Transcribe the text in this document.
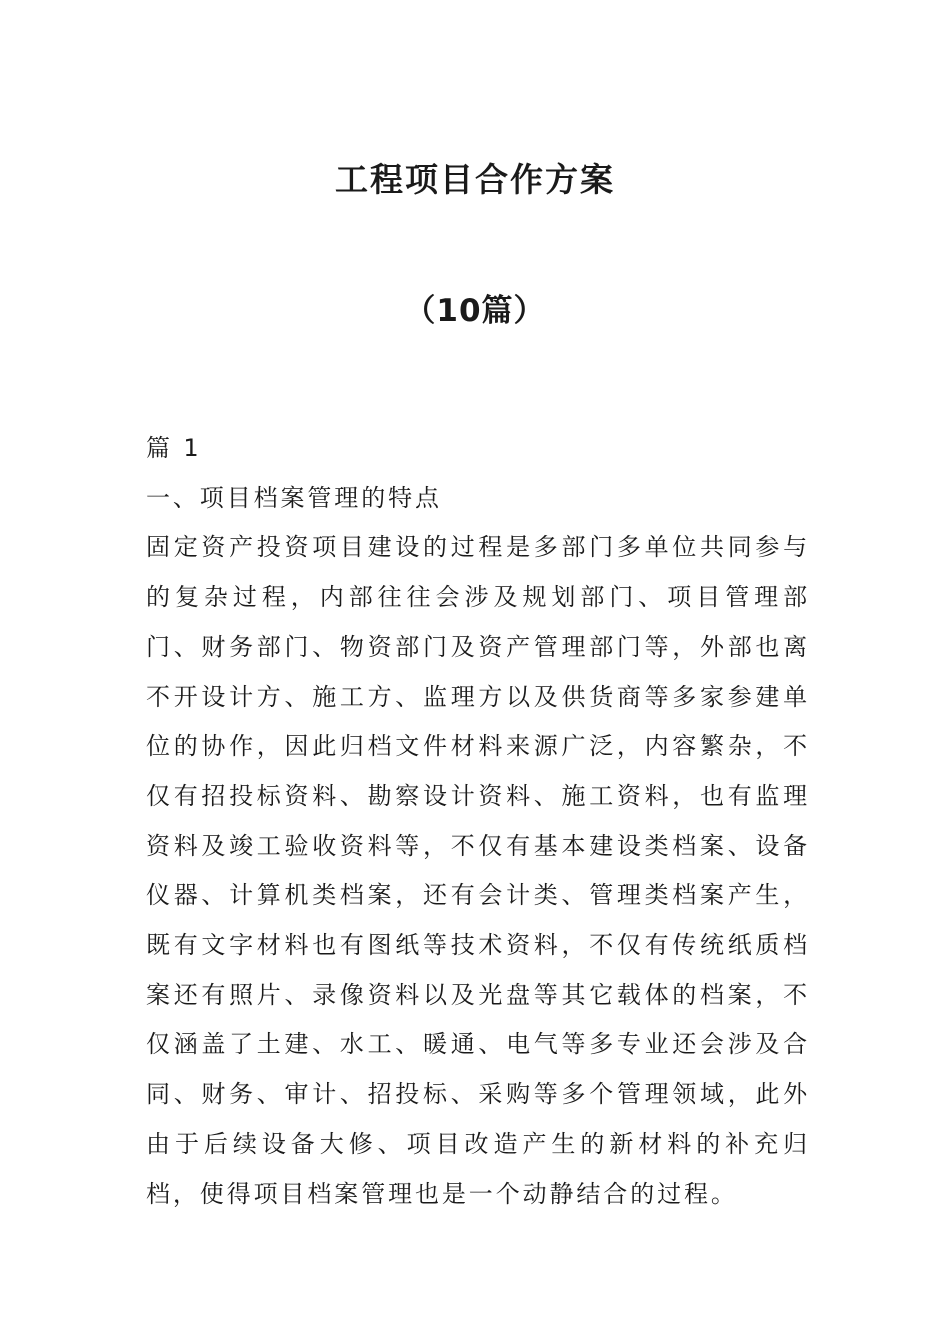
工程项目合作方案
（10篇）

篇 1

一、项目档案管理的特点

固定资产投资项目建设的过程是多部门多单位共同参与的复杂过程，内部往往会涉及规划部门、项目管理部门、财务部门、物资部门及资产管理部门等，外部也离不开设计方、施工方、监理方以及供货商等多家参建单位的协作，因此归档文件材料来源广泛，内容繁杂，不仅有招投标资料、勘察设计资料、施工资料，也有监理资料及竣工验收资料等，不仅有基本建设类档案、设备仪器、计算机类档案，还有会计类、管理类档案产生，既有文字材料也有图纸等技术资料，不仅有传统纸质档案还有照片、录像资料以及光盘等其它载体的档案，不仅涵盖了土建、水工、暖通、电气等多专业还会涉及合同、财务、审计、招投标、采购等多个管理领域，此外由于后续设备大修、项目改造产生的新材料的补充归档，使得项目档案管理也是一个动静结合的过程。
